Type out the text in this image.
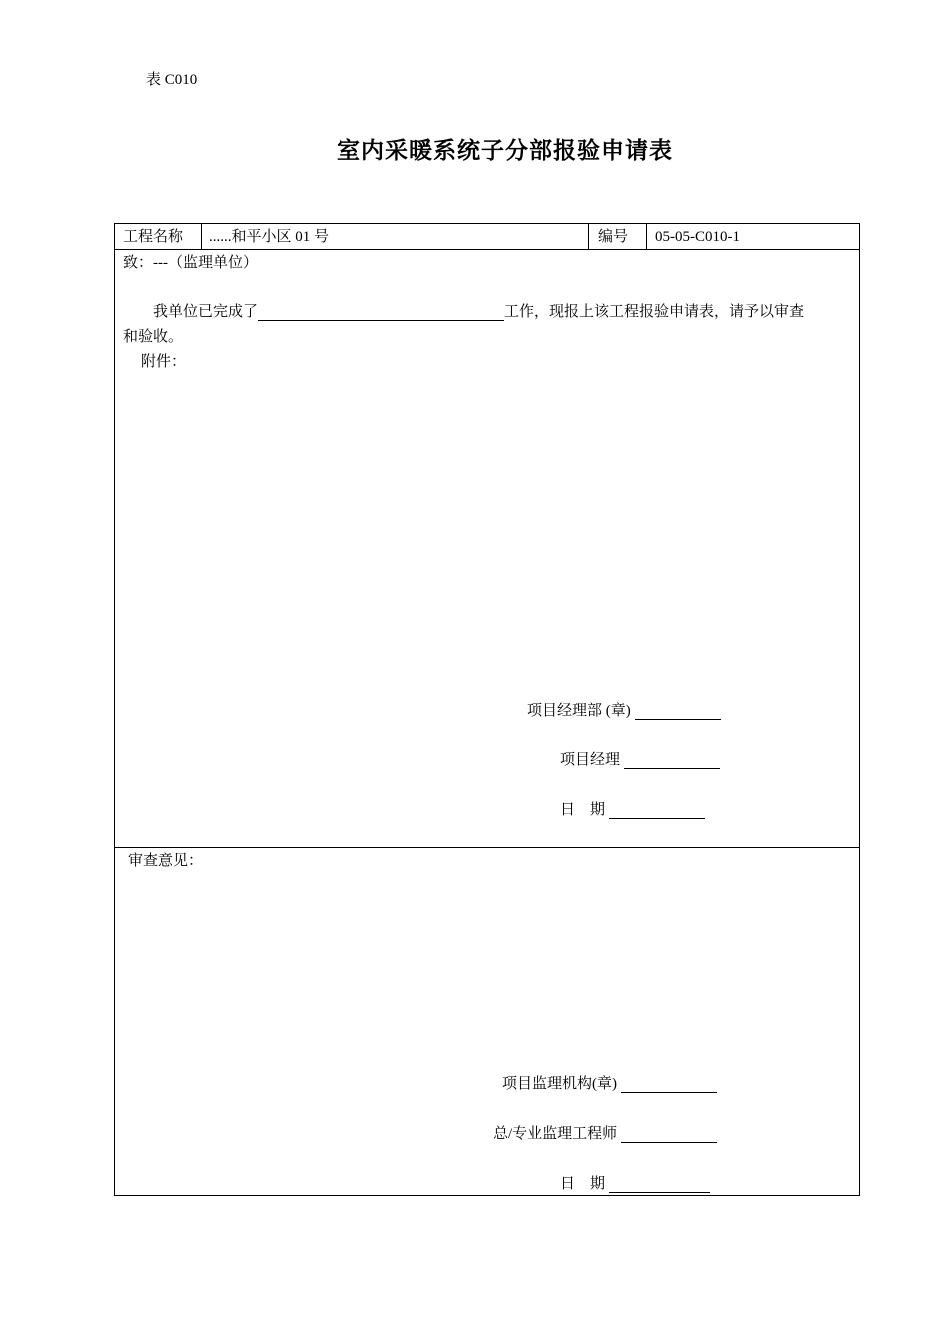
表 C010
室内采暖系统子分部报验申请表
工程名称 ......和平小区 01 号	编号 05-05-C010-1
致：---（监理单位）
我单位已完成了	工作，现报上该工程报验申请表，请予以审查
和验收。
附件：
项目经理部 (章)
项目经理
日　期
审查意见：
项目监理机构(章)
总/专业监理工程师
日　期
